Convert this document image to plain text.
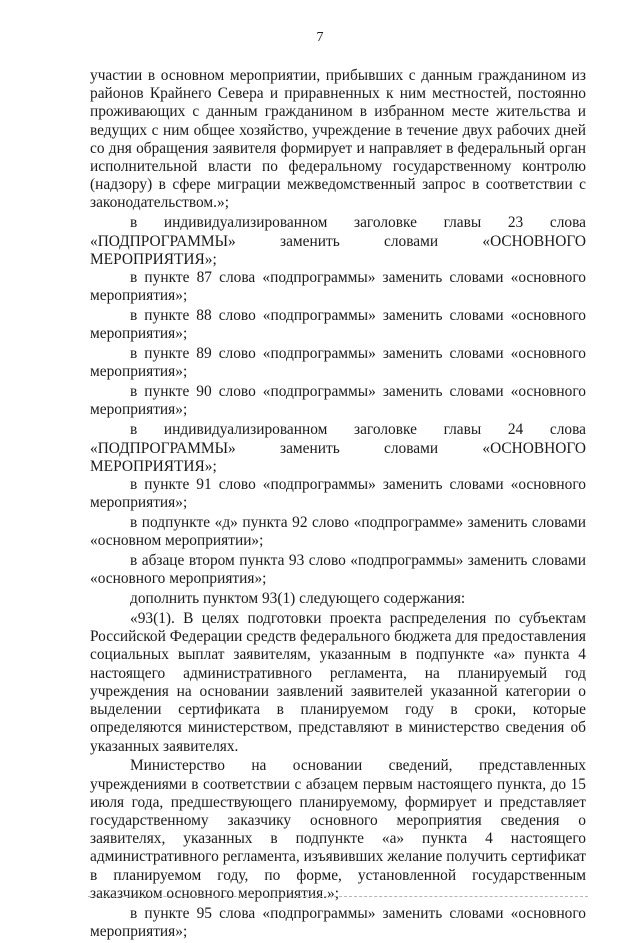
7

участии в основном мероприятии, прибывших с данным гражданином из районов Крайнего Севера и приравненных к ним местностей, постоянно проживающих с данным гражданином в избранном месте жительства и ведущих с ним общее хозяйство, учреждение в течение двух рабочих дней со дня обращения заявителя формирует и направляет в федеральный орган исполнительной власти по федеральному государственному контролю (надзору) в сфере миграции межведомственный запрос в соответствии с законодательством.»;

в индивидуализированном заголовке главы 23 слова «ПОДПРОГРАММЫ» заменить словами «ОСНОВНОГО МЕРОПРИЯТИЯ»;

в пункте 87 слова «подпрограммы» заменить словами «основного мероприятия»;

в пункте 88 слово «подпрограммы» заменить словами «основного мероприятия»;

в пункте 89 слово «подпрограммы» заменить словами «основного мероприятия»;

в пункте 90 слово «подпрограммы» заменить словами «основного мероприятия»;

в индивидуализированном заголовке главы 24 слова «ПОДПРОГРАММЫ» заменить словами «ОСНОВНОГО МЕРОПРИЯТИЯ»;

в пункте 91 слово «подпрограммы» заменить словами «основного мероприятия»;

в подпункте «д» пункта 92 слово «подпрограмме» заменить словами «основном мероприятии»;

в абзаце втором пункта 93 слово «подпрограммы» заменить словами «основного мероприятия»;

дополнить пунктом 93(1) следующего содержания:

«93(1). В целях подготовки проекта распределения по субъектам Российской Федерации средств федерального бюджета для предоставления социальных выплат заявителям, указанным в подпункте «а» пункта 4 настоящего административного регламента, на планируемый год учреждения на основании заявлений заявителей указанной категории о выделении сертификата в планируемом году в сроки, которые определяются министерством, представляют в министерство сведения об указанных заявителях.

Министерство на основании сведений, представленных учреждениями в соответствии с абзацем первым настоящего пункта, до 15 июля года, предшествующего планируемому, формирует и представляет государственному заказчику основного мероприятия сведения о заявителях, указанных в подпункте «а» пункта 4 настоящего административного регламента, изъявивших желание получить сертификат в планируемом году, по форме, установленной государственным заказчиком основного мероприятия.»;

в пункте 95 слова «подпрограммы» заменить словами «основного мероприятия»;
